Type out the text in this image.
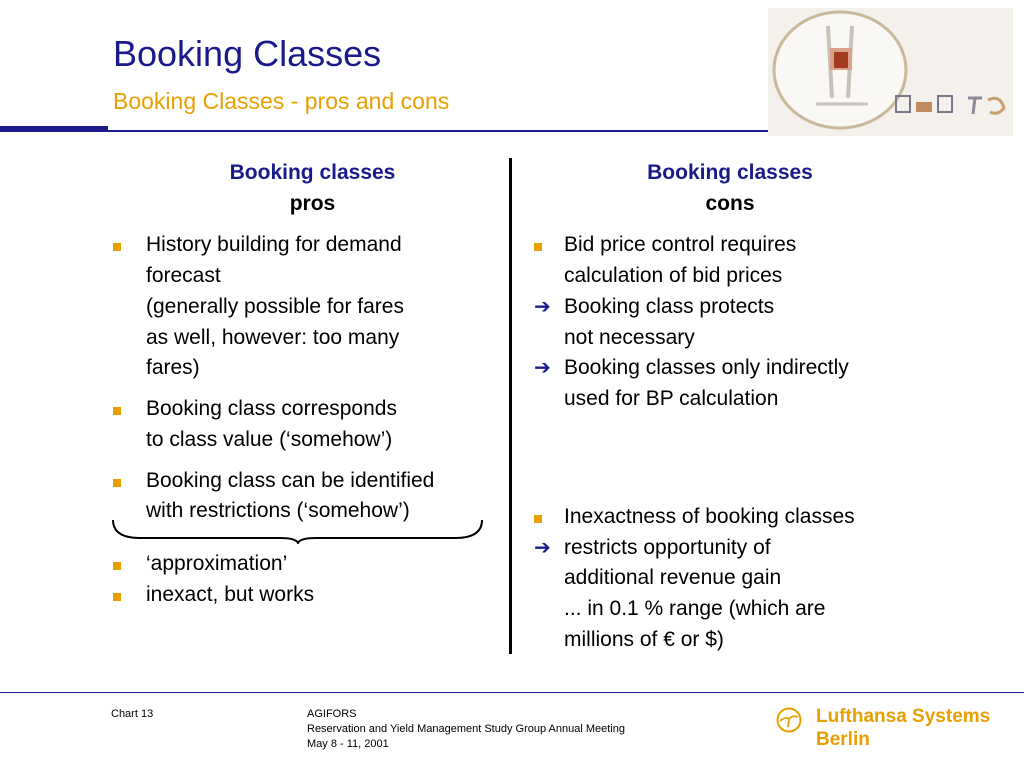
Booking Classes
Booking Classes - pros and cons
Booking classes
pros
Booking classes
cons
History building for demand
forecast
(generally possible for fares
as well, however: too many
fares)
Booking class corresponds
to class value (‘somehow’)
Booking class can be identified
with restrictions (‘somehow’)
‘approximation’
inexact, but works
Bid price control requires
calculation of bid prices
➔ Booking class protects
not necessary
➔ Booking classes only indirectly
used for BP calculation
Inexactness of booking classes
➔ restricts opportunity of
additional revenue gain
... in 0.1 % range (which are
millions of € or $)
Chart 13	AGIFORS
Reservation and Yield Management Study Group Annual Meeting
May 8 - 11, 2001
Lufthansa Systems
Berlin
